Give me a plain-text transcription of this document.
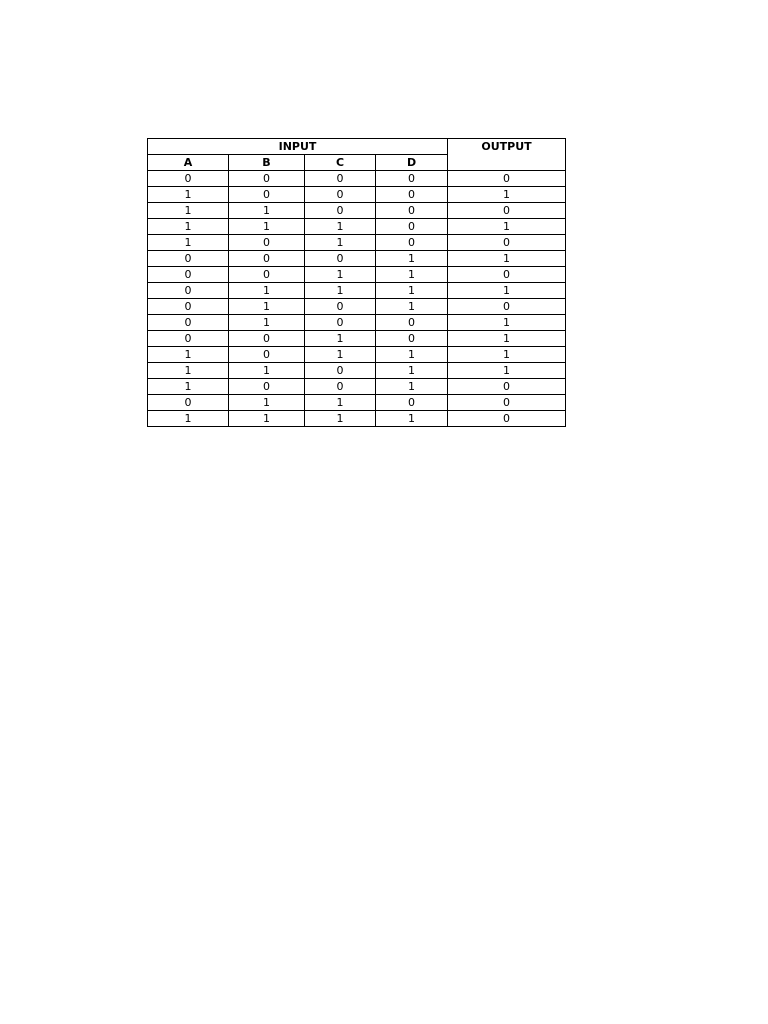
INPUT				OUTPUT
A	B	C	D	
0	0	0	0	0
1	0	0	0	1
1	1	0	0	0
1	1	1	0	1
1	0	1	0	0
0	0	0	1	1
0	0	1	1	0
0	1	1	1	1
0	1	0	1	0
0	1	0	0	1
0	0	1	0	1
1	0	1	1	1
1	1	0	1	1
1	0	0	1	0
0	1	1	0	0
1	1	1	1	0
